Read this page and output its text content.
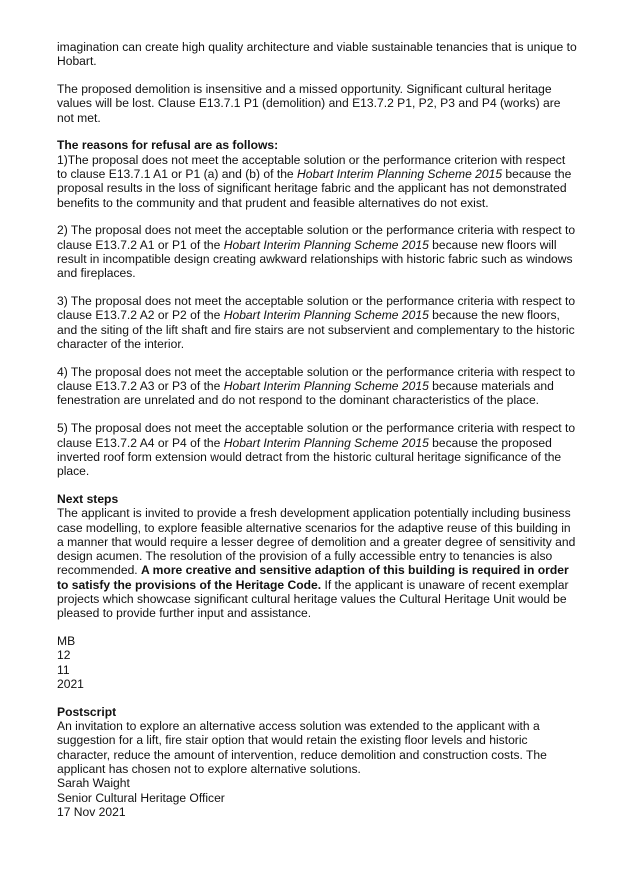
imagination can create high quality architecture and viable sustainable tenancies that is unique to Hobart.

The proposed demolition is insensitive and a missed opportunity. Significant cultural heritage values will be lost. Clause E13.7.1 P1 (demolition) and E13.7.2 P1, P2, P3 and P4 (works) are not met.

The reasons for refusal are as follows:

1)The proposal does not meet the acceptable solution or the performance criterion with respect to clause E13.7.1 A1 or P1 (a) and (b) of the Hobart Interim Planning Scheme 2015 because the proposal results in the loss of significant heritage fabric and the applicant has not demonstrated benefits to the community and that prudent and feasible alternatives do not exist.

2) The proposal does not meet the acceptable solution or the performance criteria with respect to clause E13.7.2 A1 or P1 of the Hobart Interim Planning Scheme 2015 because new floors will result in incompatible design creating awkward relationships with historic fabric such as windows and fireplaces.

3) The proposal does not meet the acceptable solution or the performance criteria with respect to clause E13.7.2 A2 or P2 of the Hobart Interim Planning Scheme 2015 because the new floors, and the siting of the lift shaft and fire stairs are not subservient and complementary to the historic character of the interior.

4) The proposal does not meet the acceptable solution or the performance criteria with respect to clause E13.7.2 A3 or P3 of the Hobart Interim Planning Scheme 2015 because materials and fenestration are unrelated and do not respond to the dominant characteristics of the place.

5) The proposal does not meet the acceptable solution or the performance criteria with respect to clause E13.7.2 A4 or P4 of the Hobart Interim Planning Scheme 2015 because the proposed inverted roof form extension would detract from the historic cultural heritage significance of the place.

Next steps

The applicant is invited to provide a fresh development application potentially including business case modelling, to explore feasible alternative scenarios for the adaptive reuse of this building in a manner that would require a lesser degree of demolition and a greater degree of sensitivity and design acumen. The resolution of the provision of a fully accessible entry to tenancies is also recommended. A more creative and sensitive adaption of this building is required in order to satisfy the provisions of the Heritage Code. If the applicant is unaware of recent exemplar projects which showcase significant cultural heritage values the Cultural Heritage Unit would be pleased to provide further input and assistance.

MB
12
11
2021
Postscript

An invitation to explore an alternative access solution was extended to the applicant with a suggestion for a lift, fire stair option that would retain the existing floor levels and historic character, reduce the amount of intervention, reduce demolition and construction costs. The applicant has chosen not to explore alternative solutions.

Sarah Waight
Senior Cultural Heritage Officer
17 Nov 2021
